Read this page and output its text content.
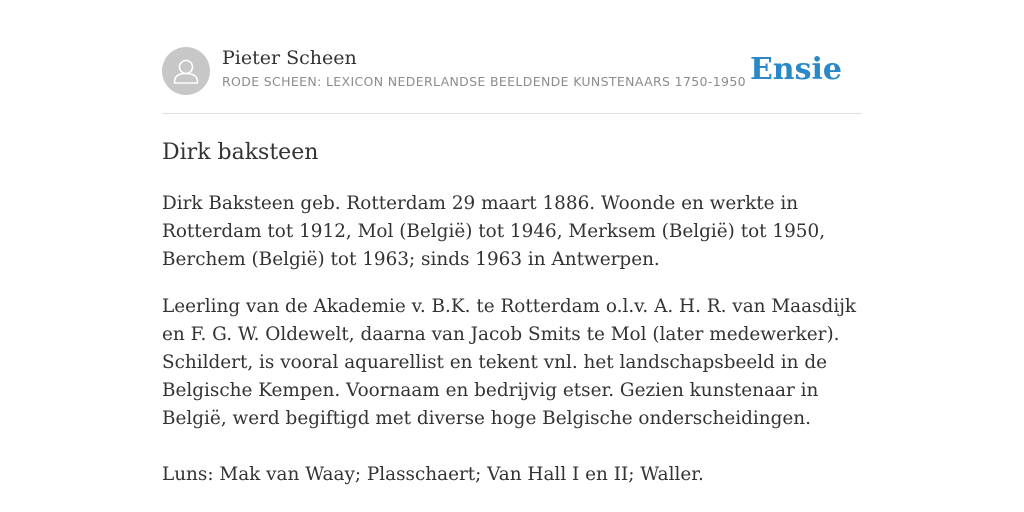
Pieter Scheen
RODE SCHEEN: LEXICON NEDERLANDSE BEELDENDE KUNSTENAARS 1750-1950 Ensie
Dirk baksteen

Dirk Baksteen geb. Rotterdam 29 maart 1886. Woonde en werkte in Rotterdam tot 1912, Mol (België) tot 1946, Merksem (België) tot 1950, Berchem (België) tot 1963; sinds 1963 in Antwerpen.

Leerling van de Akademie v. B.K. te Rotterdam o.l.v. A. H. R. van Maasdijk en F. G. W. Oldewelt, daarna van Jacob Smits te Mol (later medewerker). Schildert, is vooral aquarellist en tekent vnl. het landschapsbeeld in de Belgische Kempen. Voornaam en bedrijvig etser. Gezien kunstenaar in België, werd begiftigd met diverse hoge Belgische onderscheidingen.

Luns: Mak van Waay; Plasschaert; Van Hall I en II; Waller.
